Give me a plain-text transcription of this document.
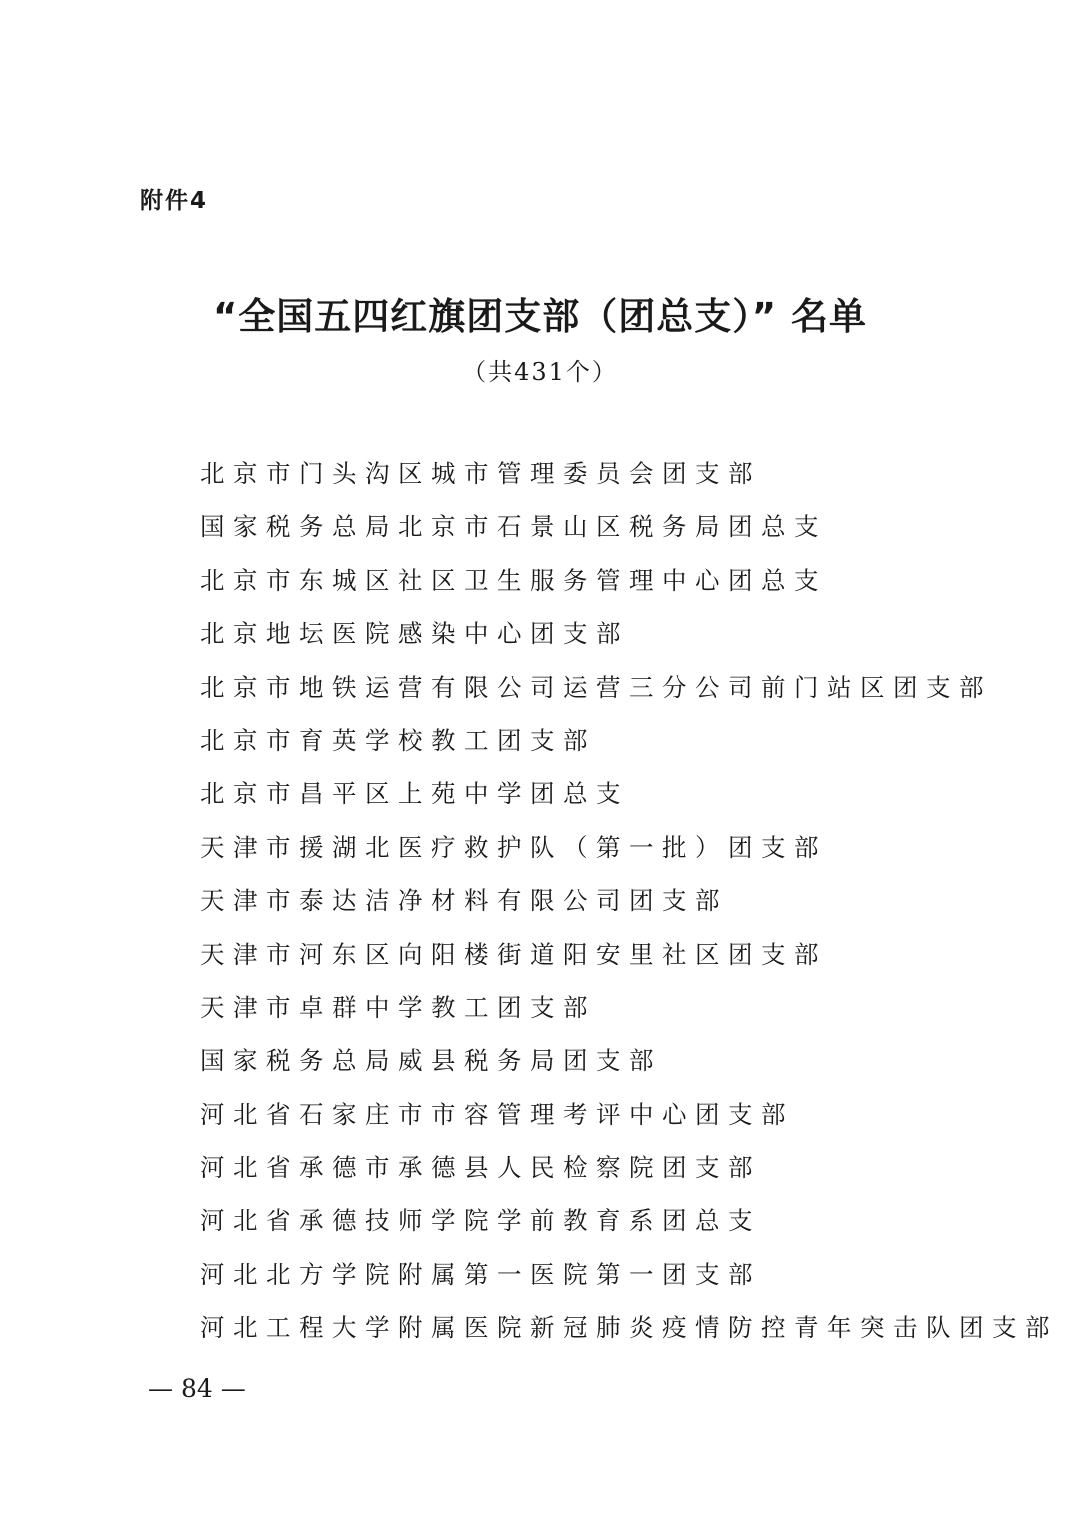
附件4
“全国五四红旗团支部（团总支）” 名单
（共431个）
北京市门头沟区城市管理委员会团支部
国家税务总局北京市石景山区税务局团总支
北京市东城区社区卫生服务管理中心团总支
北京地坛医院感染中心团支部
北京市地铁运营有限公司运营三分公司前门站区团支部
北京市育英学校教工团支部
北京市昌平区上苑中学团总支
天津市援湖北医疗救护队（第一批）团支部
天津市泰达洁净材料有限公司团支部
天津市河东区向阳楼街道阳安里社区团支部
天津市卓群中学教工团支部
国家税务总局威县税务局团支部
河北省石家庄市市容管理考评中心团支部
河北省承德市承德县人民检察院团支部
河北省承德技师学院学前教育系团总支
河北北方学院附属第一医院第一团支部
河北工程大学附属医院新冠肺炎疫情防控青年突击队团支部
— 84 —
